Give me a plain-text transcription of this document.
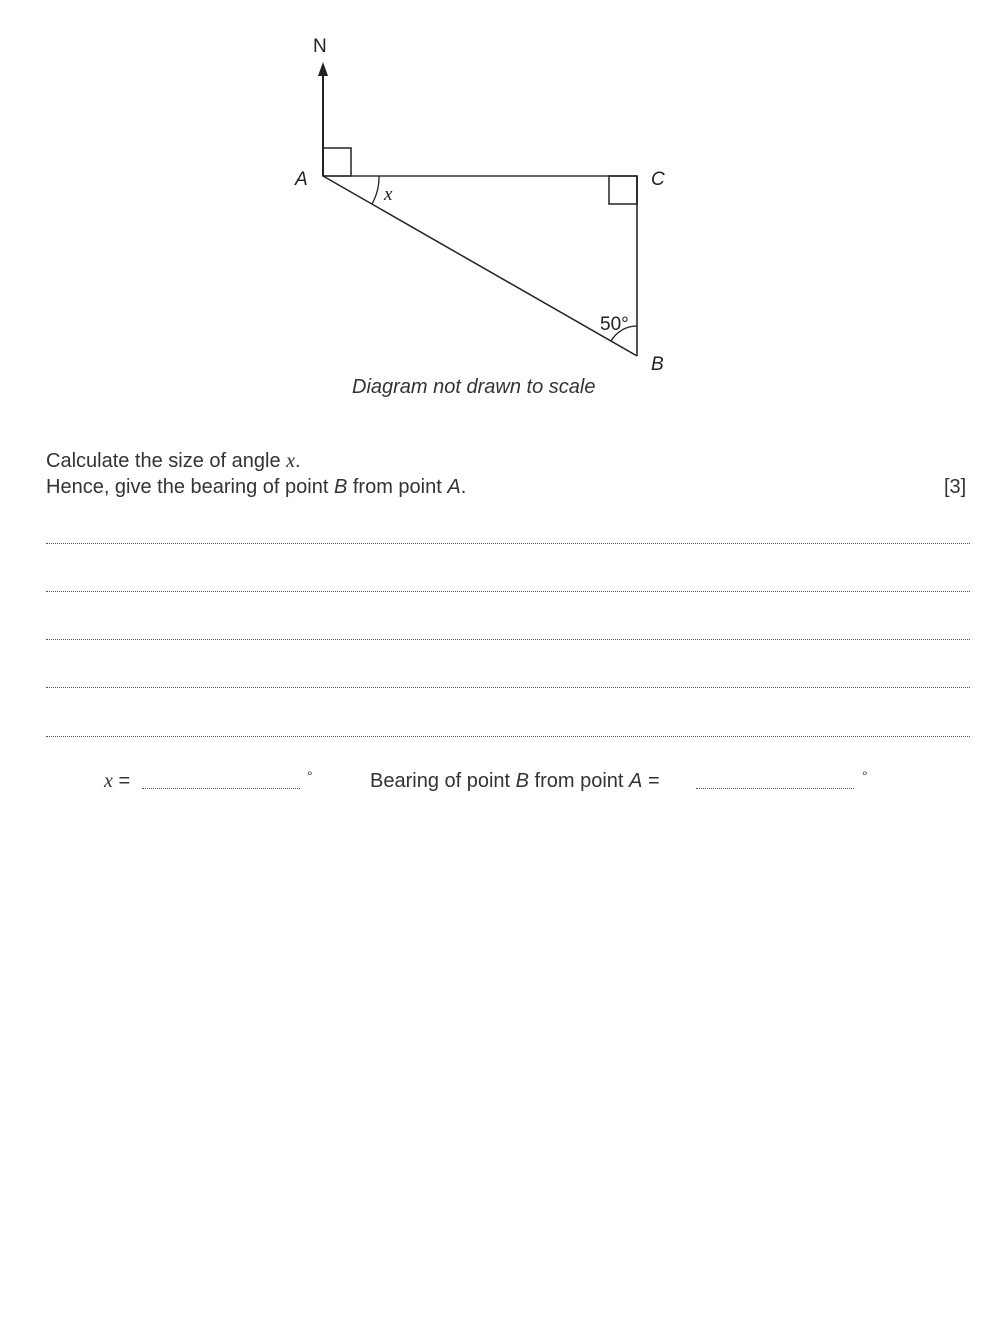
N
A	C
B
x
50°
Diagram not drawn to scale
Calculate the size of angle x.
Hence, give the bearing of point B from point A.	[3]
x =	°	Bearing of point B from point A =	°
